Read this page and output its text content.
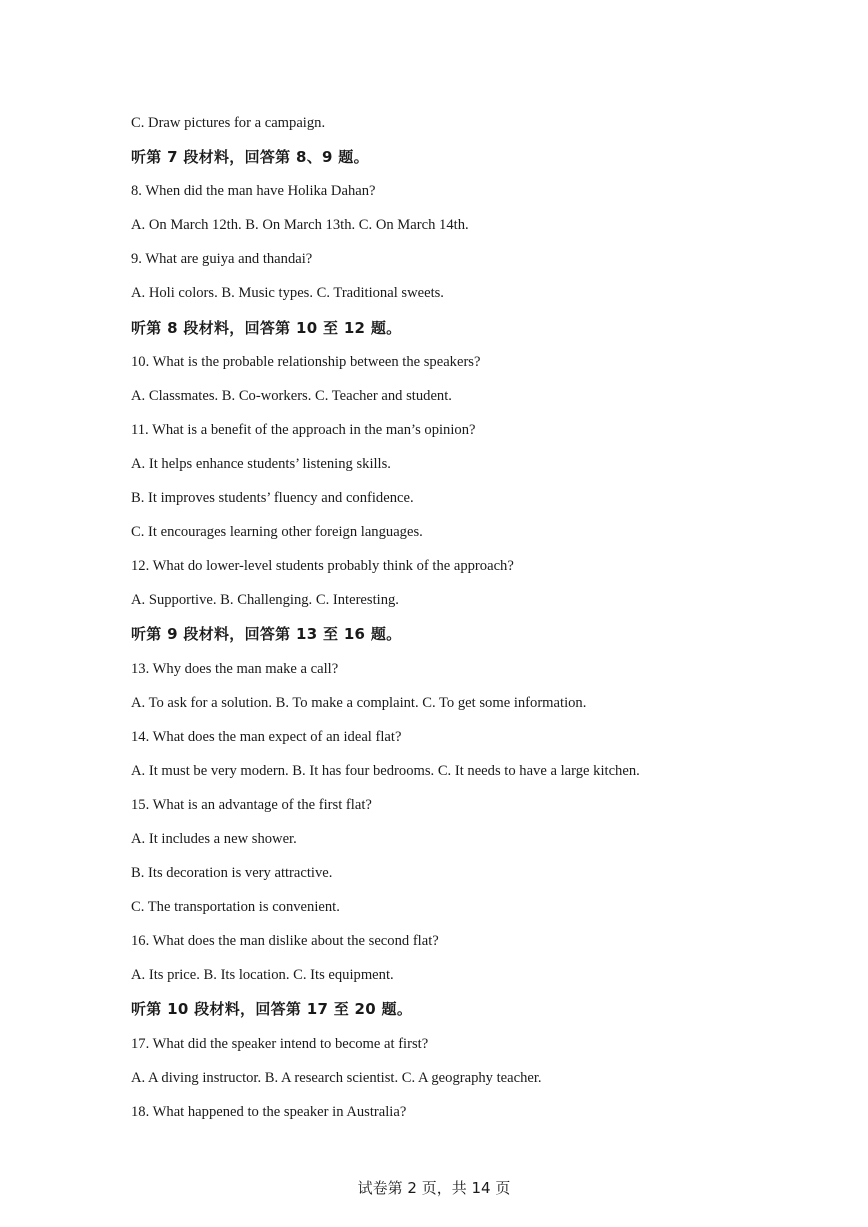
C. Draw pictures for a campaign.
听第 7 段材料，回答第 8、9 题。
8. When did the man have Holika Dahan?
A. On March 12th. B. On March 13th. C. On March 14th.
9. What are guiya and thandai?
A. Holi colors. B. Music types. C. Traditional sweets.
听第 8 段材料，回答第 10 至 12 题。
10. What is the probable relationship between the speakers?
A. Classmates. B. Co-workers. C. Teacher and student.
11. What is a benefit of the approach in the man’s opinion?
A. It helps enhance students’ listening skills.
B. It improves students’ fluency and confidence.
C. It encourages learning other foreign languages.
12. What do lower-level students probably think of the approach?
A. Supportive. B. Challenging. C. Interesting.
听第 9 段材料，回答第 13 至 16 题。
13. Why does the man make a call?
A. To ask for a solution. B. To make a complaint. C. To get some information.
14. What does the man expect of an ideal flat?
A. It must be very modern. B. It has four bedrooms. C. It needs to have a large kitchen.
15. What is an advantage of the first flat?
A. It includes a new shower.
B. Its decoration is very attractive.
C. The transportation is convenient.
16. What does the man dislike about the second flat?
A. Its price. B. Its location. C. Its equipment.
听第 10 段材料，回答第 17 至 20 题。
17. What did the speaker intend to become at first?
A. A diving instructor. B. A research scientist. C. A geography teacher.
18. What happened to the speaker in Australia?
试卷第 2 页，共 14 页
